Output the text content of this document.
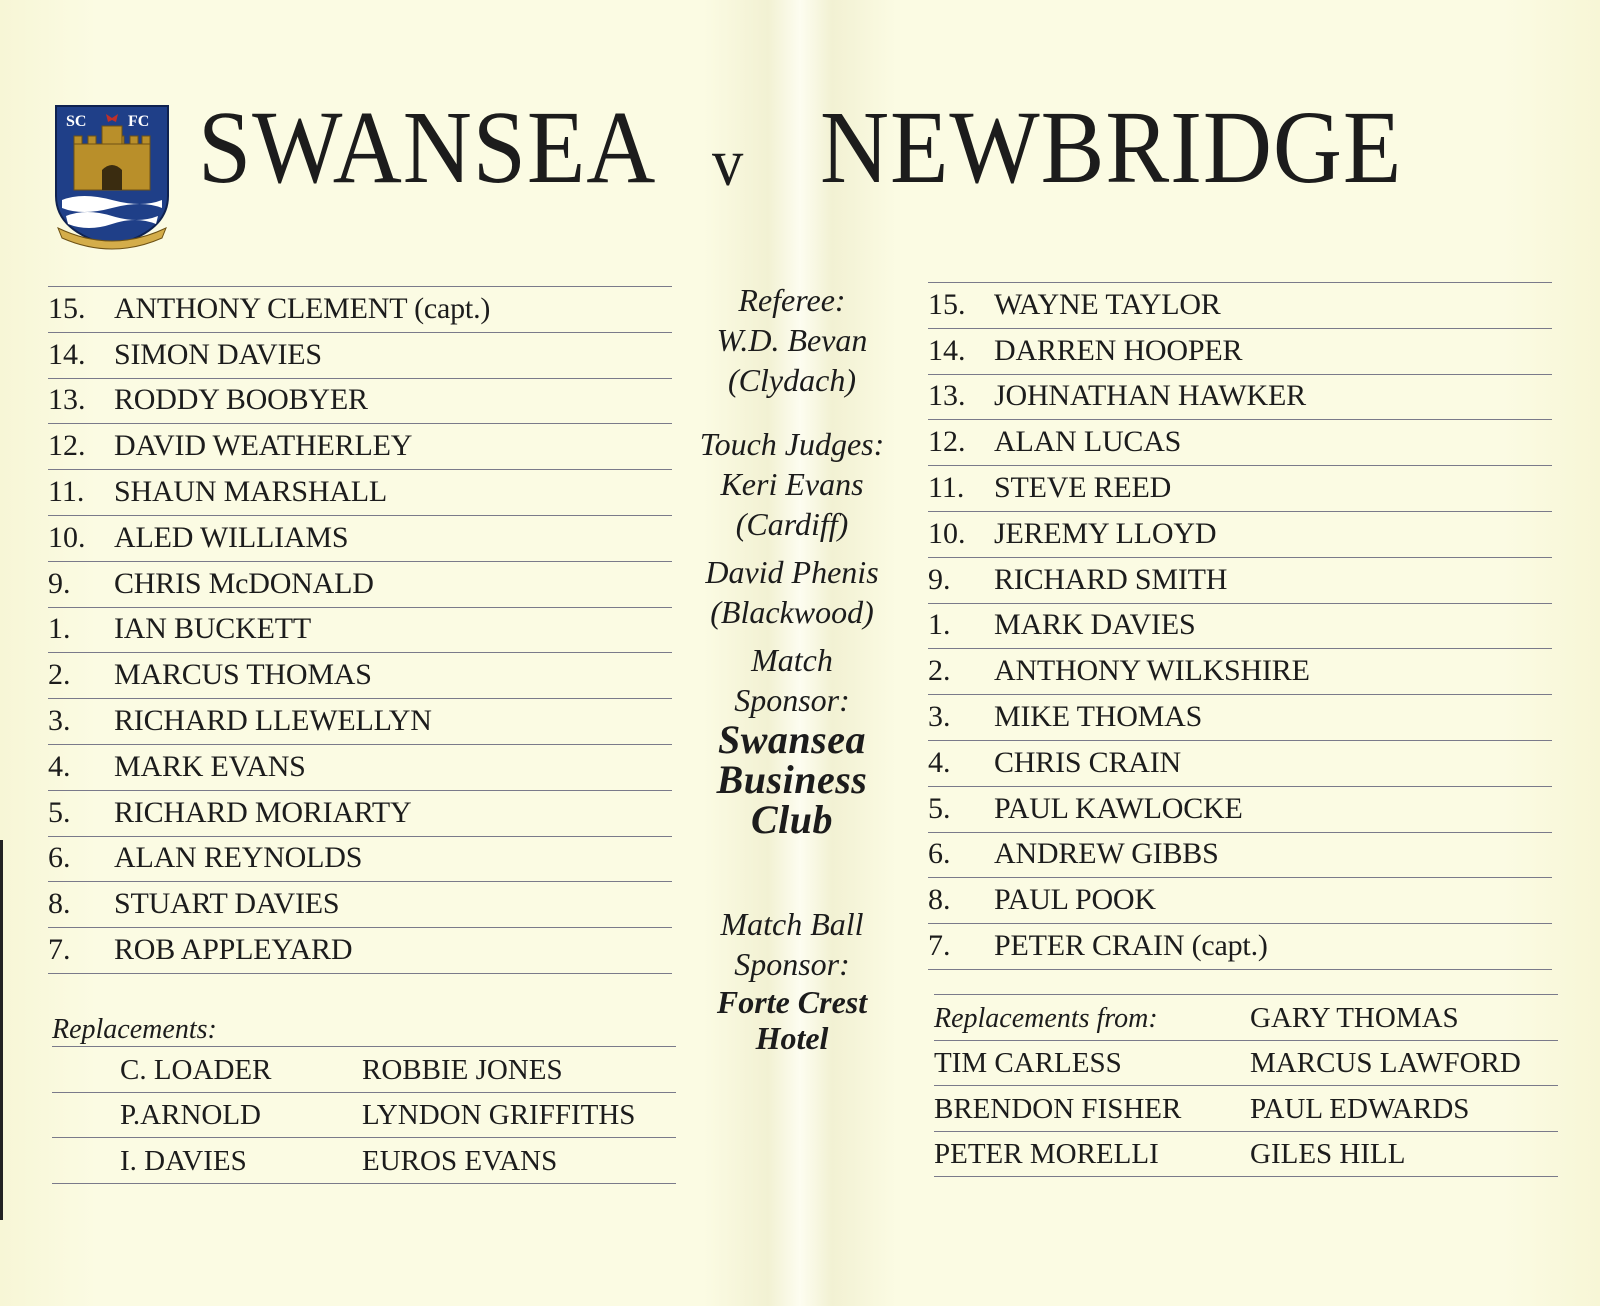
SC	FC SWANSEA v NEWBRIDGE
15. ANTHONY CLEMENT (capt.)
14. SIMON DAVIES
13. RODDY BOOBYER
12. DAVID WEATHERLEY
11. SHAUN MARSHALL
10. ALED WILLIAMS
9.	CHRIS McDONALD
1.	IAN BUCKETT
2.	MARCUS THOMAS
3.	RICHARD LLEWELLYN
4.	MARK EVANS
5.	RICHARD MORIARTY
6.	ALAN REYNOLDS
8.	STUART DAVIES
7.	ROB APPLEYARD
Replacements:
C. LOADER	ROBBIE JONES
P.ARNOLD	LYNDON GRIFFITHS
I. DAVIES	EUROS EVANS
Referee:
W.D. Bevan
(Clydach)
Touch Judges:
Keri Evans
(Cardiff)
David Phenis
(Blackwood)
Match
Sponsor:
Swansea
Business
Club
Match Ball
Sponsor:
Forte Crest
Hotel
15. WAYNE TAYLOR
14. DARREN HOOPER
13. JOHNATHAN HAWKER
12. ALAN LUCAS
11. STEVE REED
10. JEREMY LLOYD
9.	RICHARD SMITH
1.	MARK DAVIES
2.	ANTHONY WILKSHIRE
3.	MIKE THOMAS
4.	CHRIS CRAIN
5.	PAUL KAWLOCKE
6.	ANDREW GIBBS
8.	PAUL POOK
7.	PETER CRAIN (capt.)
Replacements from:	GARY THOMAS
TIM CARLESS	MARCUS LAWFORD
BRENDON FISHER	PAUL EDWARDS
PETER MORELLI	GILES HILL
